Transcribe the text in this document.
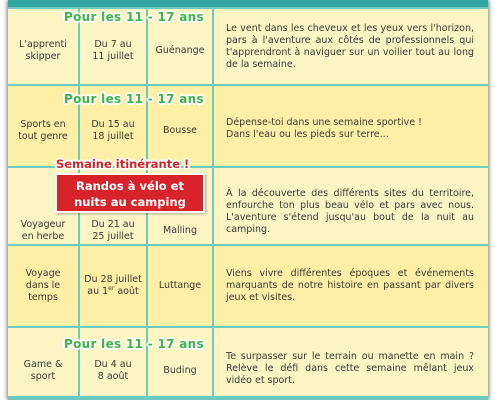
L'apprenti
skipper
Du 7 au
11 juillet
Guénange
Le vent dans les cheveux et les yeux vers l'horizon, pars à l'aventure aux côtés de professionnels qui t'apprendront à naviguer sur un voilier tout au long de la semaine.
Sports en
tout genre
Du 15 au
18 juillet
Bousse
Dépense-toi dans une semaine sportive !
Dans l'eau ou les pieds sur terre...
Voyageur
en herbe
Du 21 au
25 juillet
Malling
À la découverte des différents sites du territoire, enfourche ton plus beau vélo et pars avec nous. L'aventure s'étend jusqu'au bout de la nuit au camping.
Voyage
dans le
temps
Du 28 juillet
au 1er août
Luttange
Viens vivre différentes époques et événements marquants de notre histoire en passant par divers jeux et visites.
Game &
sport
Du 4 au
8 août
Buding
Te surpasser sur le terrain ou manette en main ? Relève le défi dans cette semaine mêlant jeux vidéo et sport.
Pour les 11 - 17 ans
Pour les 11 - 17 ans
Pour les 11 - 17 ans
Semaine itinérante !
Randos à vélo et
nuits au camping
